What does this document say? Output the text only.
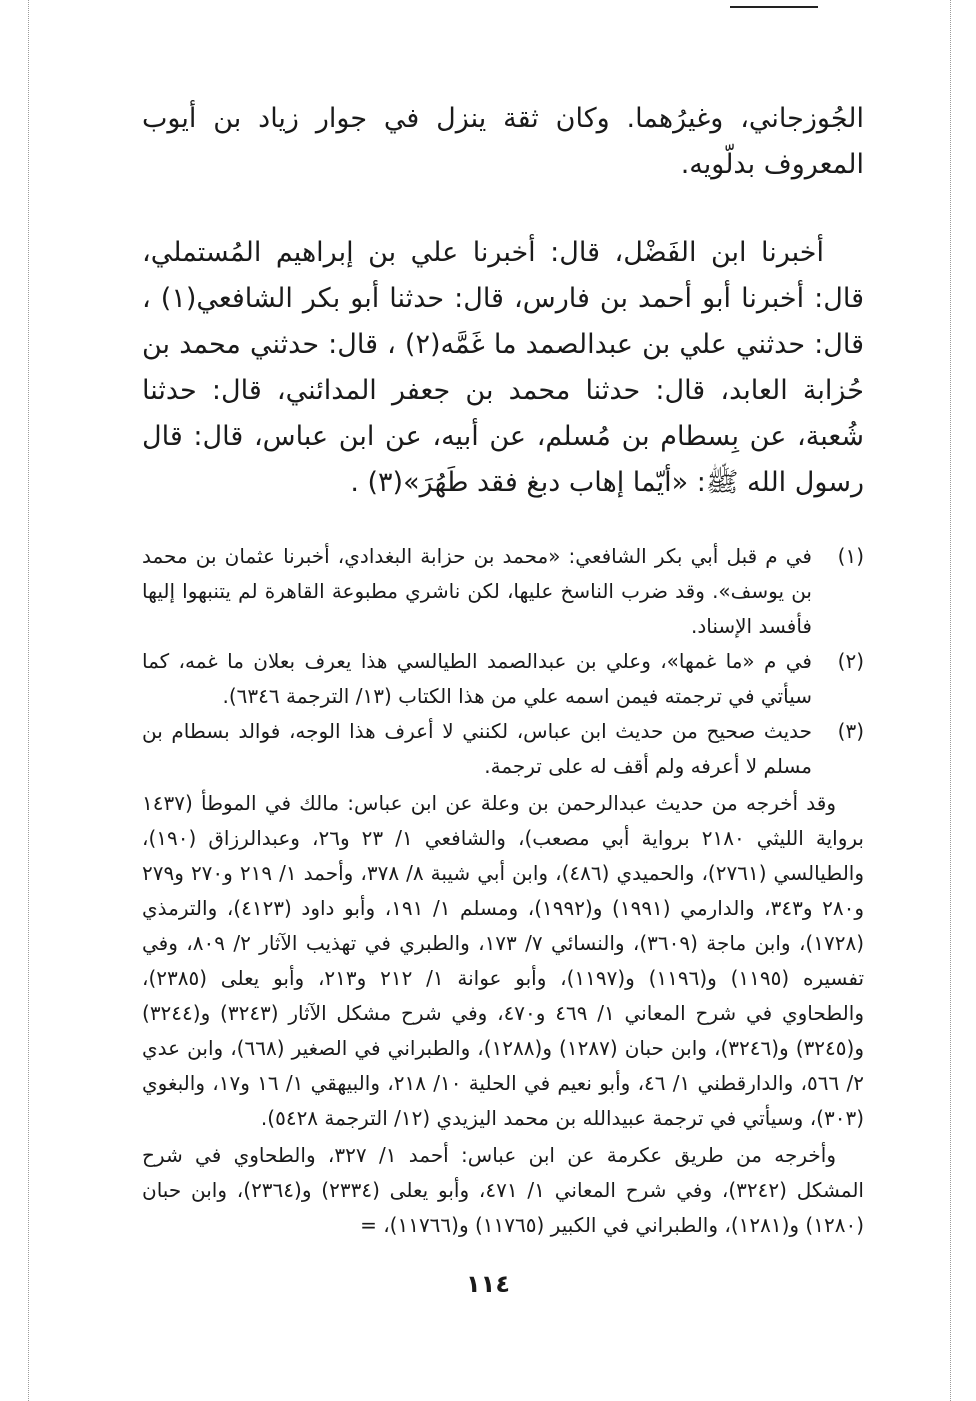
الجُوزجاني، وغيرُهما. وكان ثقة ينزل في جوار زياد بن أيوب المعروف بدلّويه.

أخبرنا ابن الفَضْل، قال: أخبرنا علي بن إبراهيم المُستملي، قال: أخبرنا أبو أحمد بن فارس، قال: حدثنا أبو بكر الشافعي(١) ، قال: حدثني علي بن عبدالصمد ما غَمَّه(٢) ، قال: حدثني محمد بن حُزابة العابد، قال: حدثنا محمد بن جعفر المدائني، قال: حدثنا شُعبة، عن بِسطام بن مُسلم، عن أبيه، عن ابن عباس، قال: قال رسول الله ﷺ: «أيّما إهاب دبغ فقد طَهُرَ»(٣) .

(١)
في م قبل أبي بكر الشافعي: «محمد بن حزابة البغدادي، أخبرنا عثمان بن محمد بن يوسف». وقد ضرب الناسخ عليها، لكن ناشري مطبوعة القاهرة لم يتنبهوا إليها فأفسد الإسناد.
(٢)
في م «ما غمها»، وعلي بن عبدالصمد الطيالسي هذا يعرف بعلان ما غمه، كما سيأتي في ترجمته فيمن اسمه علي من هذا الكتاب (١٣/ الترجمة ٦٣٤٦).
(٣)
حديث صحيح من حديث ابن عباس، لكنني لا أعرف هذا الوجه، فوالد بسطام بن مسلم لا أعرفه ولم أقف له على ترجمة.
وقد أخرجه من حديث عبدالرحمن بن وعلة عن ابن عباس: مالك في الموطأ (١٤٣٧ برواية الليثي ٢١٨٠ برواية أبي مصعب)، والشافعي ١/ ٢٣ و٢٦، وعبدالرزاق (١٩٠)، والطيالسي (٢٧٦١)، والحميدي (٤٨٦)، وابن أبي شيبة ٨/ ٣٧٨، وأحمد ١/ ٢١٩ و٢٧٠ و٢٧٩ و٢٨٠ و٣٤٣، والدارمي (١٩٩١) و(١٩٩٢)، ومسلم ١/ ١٩١، وأبو داود (٤١٢٣)، والترمذي (١٧٢٨)، وابن ماجة (٣٦٠٩)، والنسائي ٧/ ١٧٣، والطبري في تهذيب الآثار ٢/ ٨٠٩، وفي تفسيره (١١٩٥) و(١١٩٦) و(١١٩٧)، وأبو عوانة ١/ ٢١٢ و٢١٣، وأبو يعلى (٢٣٨٥)، والطحاوي في شرح المعاني ١/ ٤٦٩ و٤٧٠، وفي شرح مشكل الآثار (٣٢٤٣) و(٣٢٤٤) و(٣٢٤٥) و(٣٢٤٦)، وابن حبان (١٢٨٧) و(١٢٨٨)، والطبراني في الصغير (٦٦٨)، وابن عدي ٢/ ٥٦٦، والدارقطني ١/ ٤٦، وأبو نعيم في الحلية ١٠/ ٢١٨، والبيهقي ١/ ١٦ و١٧، والبغوي (٣٠٣)، وسيأتي في ترجمة عبيدالله بن محمد اليزيدي (١٢/ الترجمة ٥٤٢٨).
وأخرجه من طريق عكرمة عن ابن عباس: أحمد ١/ ٣٢٧، والطحاوي في شرح المشكل (٣٢٤٢)، وفي شرح المعاني ١/ ٤٧١، وأبو يعلى (٢٣٣٤) و(٢٣٦٤)، وابن حبان (١٢٨٠) و(١٢٨١)، والطبراني في الكبير (١١٧٦٥) و(١١٧٦٦)، =
١١٤
